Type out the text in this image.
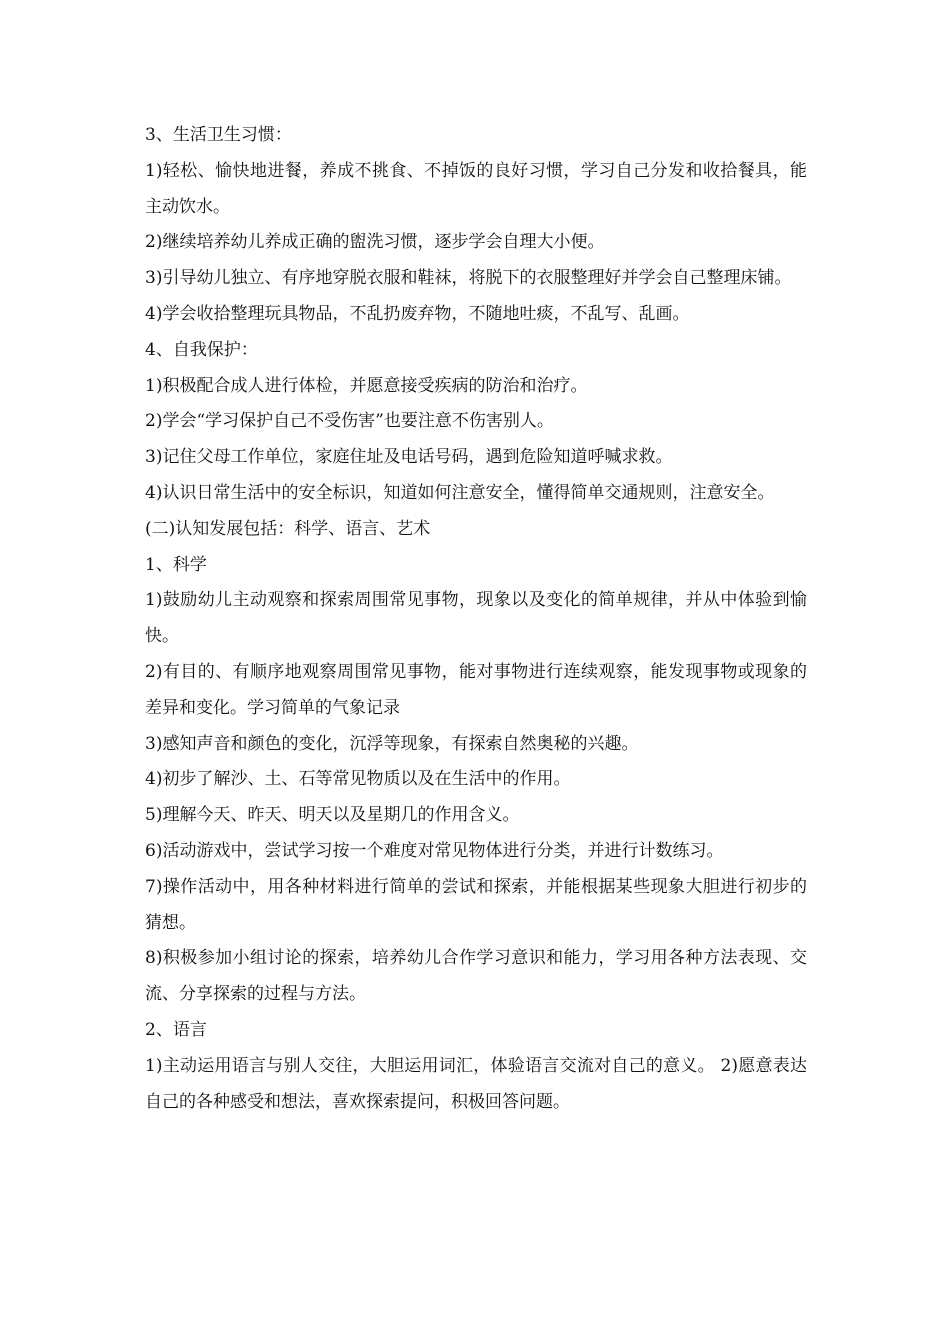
3、生活卫生习惯：

1)轻松、愉快地进餐，养成不挑食、不掉饭的良好习惯，学习自己分发和收拾餐具，能主动饮水。

2)继续培养幼儿养成正确的盥洗习惯，逐步学会自理大小便。

3)引导幼儿独立、有序地穿脱衣服和鞋袜，将脱下的衣服整理好并学会自己整理床铺。

4)学会收拾整理玩具物品，不乱扔废弃物，不随地吐痰，不乱写、乱画。

4、自我保护：

1)积极配合成人进行体检，并愿意接受疾病的防治和治疗。

2)学会“学习保护自己不受伤害”也要注意不伤害别人。

3)记住父母工作单位，家庭住址及电话号码，遇到危险知道呼喊求救。

4)认识日常生活中的安全标识，知道如何注意安全，懂得简单交通规则，注意安全。

(二)认知发展包括：科学、语言、艺术

1、科学

1)鼓励幼儿主动观察和探索周围常见事物，现象以及变化的简单规律，并从中体验到愉快。

2)有目的、有顺序地观察周围常见事物，能对事物进行连续观察，能发现事物或现象的差异和变化。学习简单的气象记录

3)感知声音和颜色的变化，沉浮等现象，有探索自然奥秘的兴趣。

4)初步了解沙、土、石等常见物质以及在生活中的作用。

5)理解今天、昨天、明天以及星期几的作用含义。

6)活动游戏中，尝试学习按一个难度对常见物体进行分类，并进行计数练习。

7)操作活动中，用各种材料进行简单的尝试和探索，并能根据某些现象大胆进行初步的猜想。

8)积极参加小组讨论的探索，培养幼儿合作学习意识和能力，学习用各种方法表现、交流、分享探索的过程与方法。

2、语言

1)主动运用语言与别人交往，大胆运用词汇，体验语言交流对自己的意义。 2)愿意表达自己的各种感受和想法，喜欢探索提问，积极回答问题。
